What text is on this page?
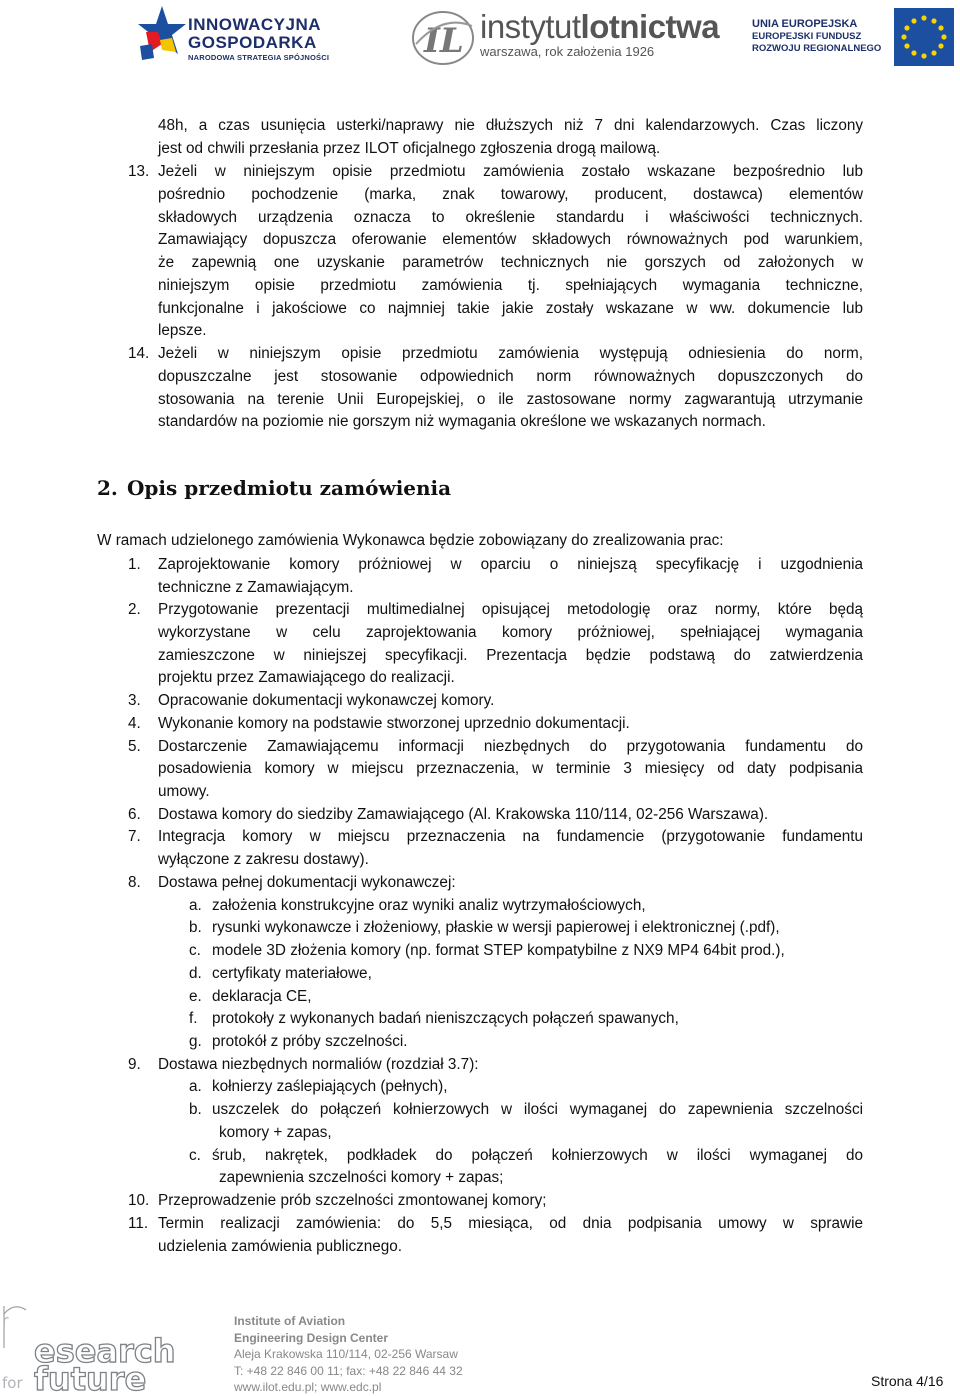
INNOWACYJNA
GOSPODARKA
NARODOWA STRATEGIA SPÓJNOŚCI	IL instytutlotnictwa
warszawa, rok założenia 1926
UNIA EUROPEJSKA
EUROPEJSKI FUNDUSZ
ROZWOJU REGIONALNEGO
48h, a czas usunięcia usterki/naprawy nie dłuższych niż 7 dni kalendarzowych. Czas liczony
jest od chwili przesłania przez ILOT oficjalnego zgłoszenia drogą mailową.
13. Jeżeli w niniejszym opisie przedmiotu zamówienia zostało wskazane bezpośrednio lub
pośrednio pochodzenie (marka, znak towarowy, producent, dostawca) elementów
składowych urządzenia oznacza to określenie standardu i właściwości technicznych.
Zamawiający dopuszcza oferowanie elementów składowych równoważnych pod warunkiem,
że zapewnią one uzyskanie parametrów technicznych nie gorszych od założonych w
niniejszym opisie przedmiotu zamówienia tj. spełniających wymagania techniczne,
funkcjonalne i jakościowe co najmniej takie jakie zostały wskazane w ww. dokumencie lub
lepsze.
14. Jeżeli w niniejszym opisie przedmiotu zamówienia występują odniesienia do norm,
dopuszczalne jest stosowanie odpowiednich norm równoważnych dopuszczonych do
stosowania na terenie Unii Europejskiej, o ile zastosowane normy zagwarantują utrzymanie
standardów na poziomie nie gorszym niż wymagania określone we wskazanych normach.
2. Opis przedmiotu zamówienia
W ramach udzielonego zamówienia Wykonawca będzie zobowiązany do zrealizowania prac:
1. Zaprojektowanie komory próżniowej w oparciu o niniejszą specyfikację i uzgodnienia
techniczne z Zamawiającym.
2. Przygotowanie prezentacji multimedialnej opisującej metodologię oraz normy, które będą
wykorzystane w celu zaprojektowania komory próżniowej, spełniającej wymagania
zamieszczone w niniejszej specyfikacji. Prezentacja będzie podstawą do zatwierdzenia
projektu przez Zamawiającego do realizacji.
3. Opracowanie dokumentacji wykonawczej komory.
4. Wykonanie komory na podstawie stworzonej uprzednio dokumentacji.
5. Dostarczenie Zamawiającemu informacji niezbędnych do przygotowania fundamentu do
posadowienia komory w miejscu przeznaczenia, w terminie 3 miesięcy od daty podpisania
umowy.
6. Dostawa komory do siedziby Zamawiającego (Al. Krakowska 110/114, 02-256 Warszawa).
7. Integracja komory w miejscu przeznaczenia na fundamencie (przygotowanie fundamentu
wyłączone z zakresu dostawy).
8. Dostawa pełnej dokumentacji wykonawczej:
a. założenia konstrukcyjne oraz wyniki analiz wytrzymałościowych,
b. rysunki wykonawcze i złożeniowy, płaskie w wersji papierowej i elektronicznej (.pdf),
c. modele 3D złożenia komory (np. format STEP kompatybilne z NX9 MP4 64bit prod.),
d. certyfikaty materiałowe,
e. deklaracja CE,
f. protokoły z wykonanych badań nieniszczących połączeń spawanych,
g. protokół z próby szczelności.
9. Dostawa niezbędnych normaliów (rozdział 3.7):
a. kołnierzy zaślepiających (pełnych),
b. uszczelek do połączeń kołnierzowych w ilości wymaganej do zapewnienia szczelności
komory + zapas,
c. śrub, nakrętek, podkładek do połączeń kołnierzowych w ilości wymaganej do
zapewnienia szczelności komory + zapas;
10. Przeprowadzenie prób szczelności zmontowanej komory;
11. Termin realizacji zamówienia: do 5,5 miesiąca, od dnia podpisania umowy w sprawie
udzielenia zamówienia publicznego.
r
esearch
for future
Institute of Aviation
Engineering Design Center
Aleja Krakowska 110/114, 02-256 Warsaw
T: +48 22 846 00 11; fax: +48 22 846 44 32
www.ilot.edu.pl; www.edc.pl	Strona 4/16
